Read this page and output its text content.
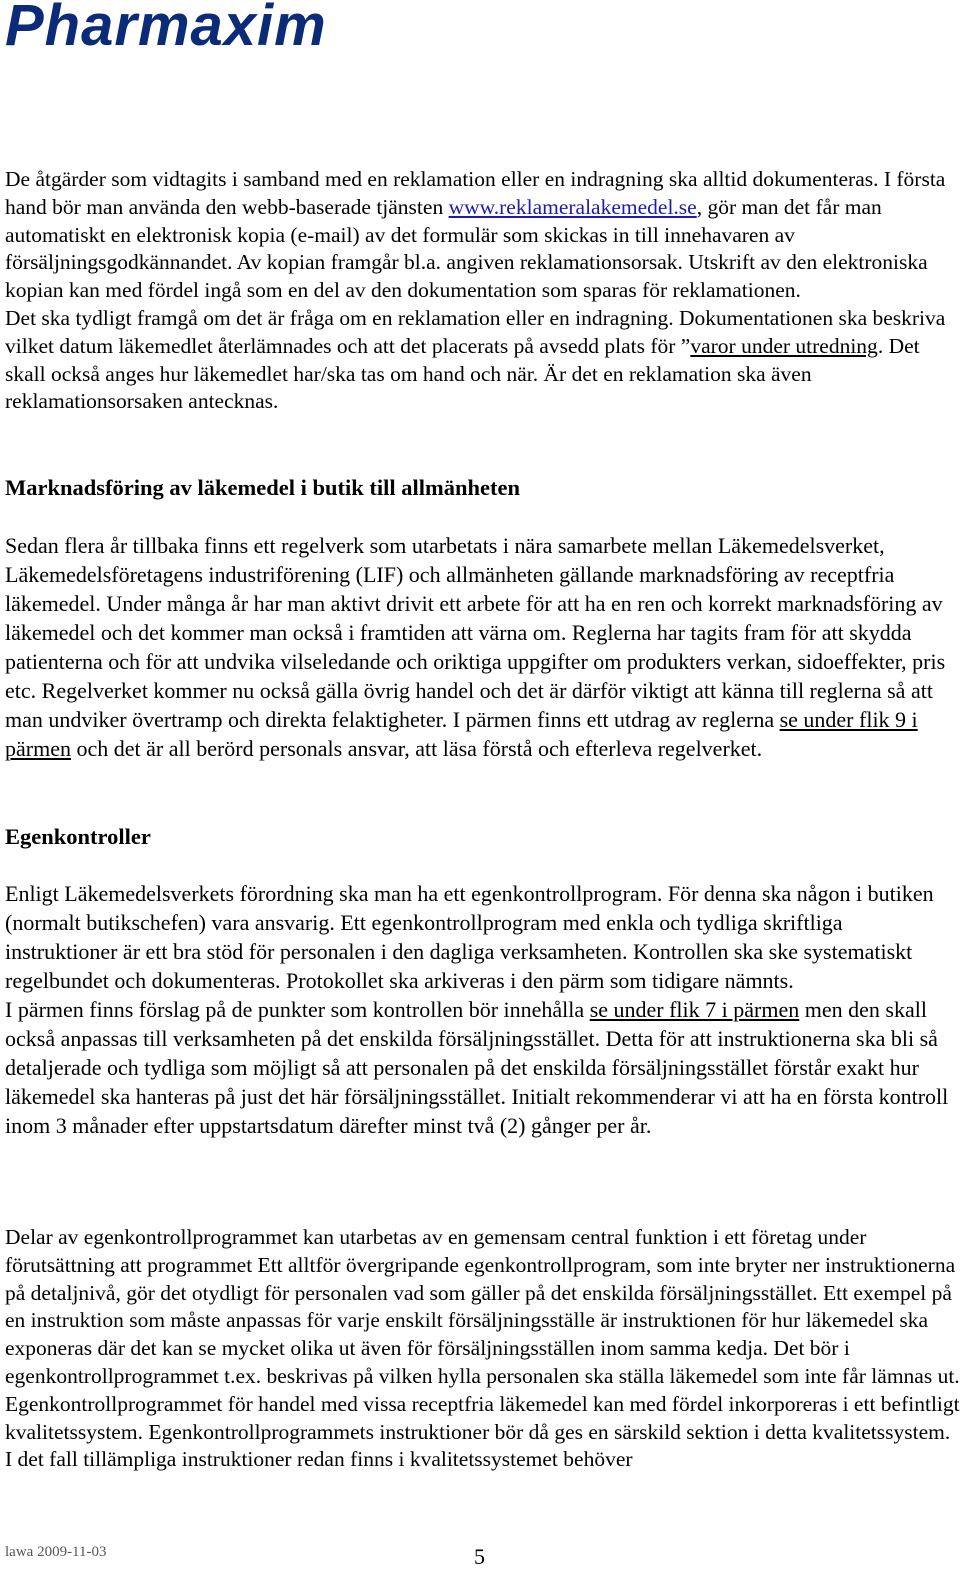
Pharmaxim

De åtgärder som vidtagits i samband med en reklamation eller en indragning ska alltid dokumenteras. I första hand bör man använda den webb-baserade tjänsten www.reklameralakemedel.se, gör man det får man automatiskt en elektronisk kopia (e-mail) av det formulär som skickas in till innehavaren av försäljningsgodkännandet. Av kopian framgår bl.a. angiven reklamationsorsak. Utskrift av den elektroniska kopian kan med fördel ingå som en del av den dokumentation som sparas för reklamationen.

Det ska tydligt framgå om det är fråga om en reklamation eller en indragning. Dokumentationen ska beskriva vilket datum läkemedlet återlämnades och att det placerats på avsedd plats för ”varor under utredning. Det skall också anges hur läkemedlet har/ska tas om hand och när. Är det en reklamation ska även reklamationsorsaken antecknas.

Marknadsföring av läkemedel i butik till allmänheten
Sedan flera år tillbaka finns ett regelverk som utarbetats i nära samarbete mellan Läkemedelsverket, Läkemedelsföretagens industriförening (LIF) och allmänheten gällande marknadsföring av receptfria läkemedel. Under många år har man aktivt drivit ett arbete för att ha en ren och korrekt marknadsföring av läkemedel och det kommer man också i framtiden att värna om. Reglerna har tagits fram för att skydda patienterna och för att undvika vilseledande och oriktiga uppgifter om produkters verkan, sidoeffekter, pris etc. Regelverket kommer nu också gälla övrig handel och det är därför viktigt att känna till reglerna så att man undviker övertramp och direkta felaktigheter. I pärmen finns ett utdrag av reglerna se under flik 9 i pärmen och det är all berörd personals ansvar, att läsa förstå och efterleva regelverket.
Egenkontroller

Enligt Läkemedelsverkets förordning ska man ha ett egenkontrollprogram. För denna ska någon i butiken (normalt butikschefen) vara ansvarig. Ett egenkontrollprogram med enkla och tydliga skriftliga instruktioner är ett bra stöd för personalen i den dagliga verksamheten. Kontrollen ska ske systematiskt regelbundet och dokumenteras. Protokollet ska arkiveras i den pärm som tidigare nämnts.

I pärmen finns förslag på de punkter som kontrollen bör innehålla se under flik 7 i pärmen men den skall också anpassas till verksamheten på det enskilda försäljningsstället. Detta för att instruktionerna ska bli så detaljerade och tydliga som möjligt så att personalen på det enskilda försäljningsstället förstår exakt hur läkemedel ska hanteras på just det här försäljningsstället. Initialt rekommenderar vi att ha en första kontroll inom 3 månader efter uppstartsdatum därefter minst två (2) gånger per år.

Delar av egenkontrollprogrammet kan utarbetas av en gemensam central funktion i ett företag under förutsättning att programmet Ett alltför övergripande egenkontrollprogram, som inte bryter ner instruktionerna på detaljnivå, gör det otydligt för personalen vad som gäller på det enskilda försäljningsstället. Ett exempel på en instruktion som måste anpassas för varje enskilt försäljningsställe är instruktionen för hur läkemedel ska exponeras där det kan se mycket olika ut även för försäljningsställen inom samma kedja. Det bör i egenkontrollprogrammet t.ex. beskrivas på vilken hylla personalen ska ställa läkemedel som inte får lämnas ut. Egenkontrollprogrammet för handel med vissa receptfria läkemedel kan med fördel inkorporeras i ett befintligt kvalitetssystem. Egenkontrollprogrammets instruktioner bör då ges en särskild sektion i detta kvalitetssystem. I det fall tillämpliga instruktioner redan finns i kvalitetssystemet behöver
lawa 2009-11-03	5
